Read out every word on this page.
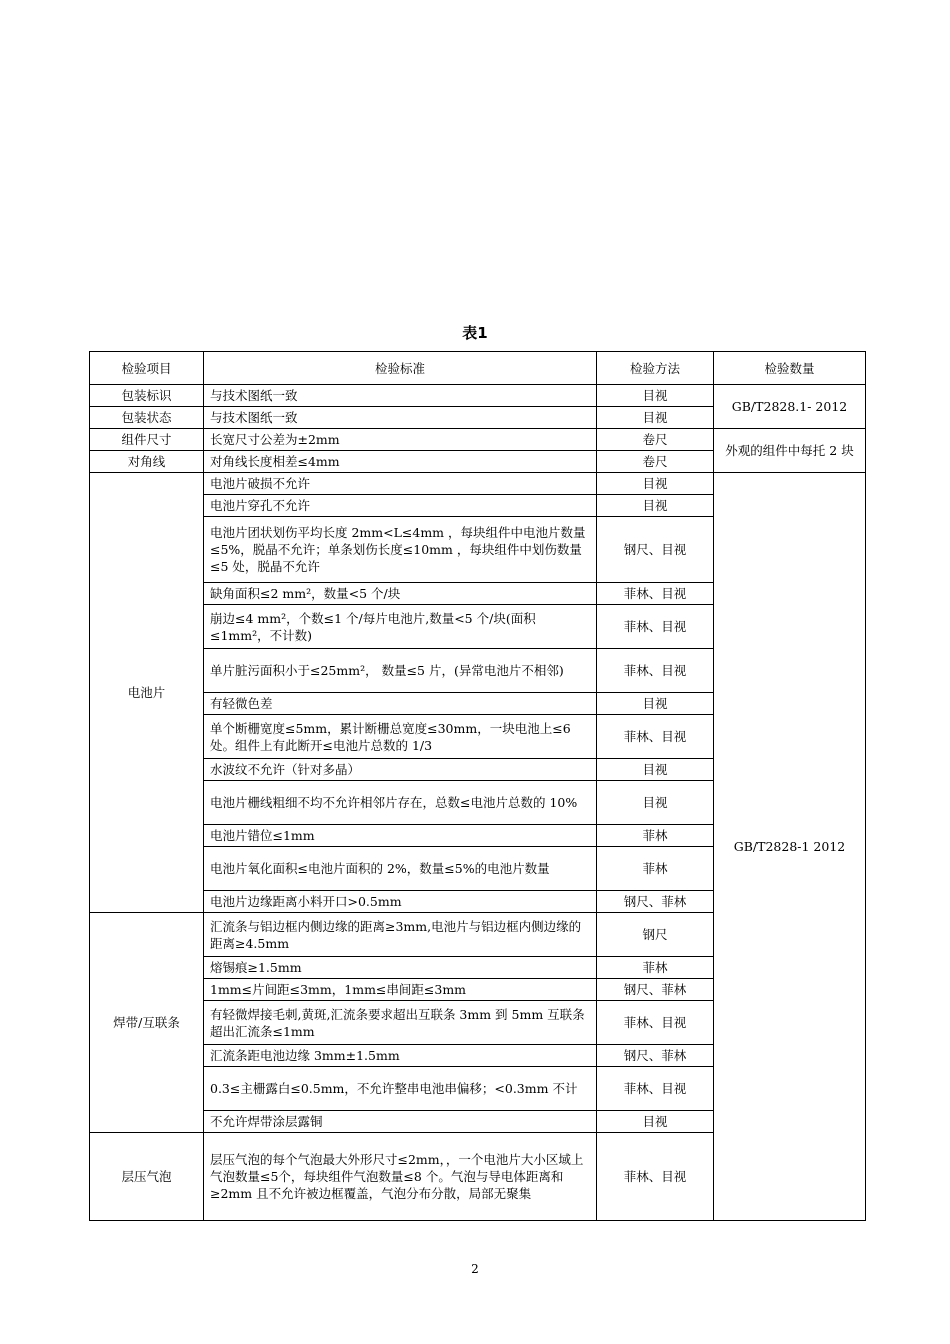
表1
检验项目	检验标准	检验方法	检验数量
包装标识	与技术图纸一致	目视	GB/T2828.1- 2012
包装状态	与技术图纸一致	目视	
组件尺寸	长宽尺寸公差为±2mm	卷尺	外观的组件中每托 2 块
对角线	对角线长度相差≤4mm	卷尺	
电池片	电池片破损不允许	目视	GB/T2828-1 2012
	电池片穿孔不允许	目视	
	电池片团状划伤平均长度 2mm<L≤4mm ，每块组件中电池片数量≤5%，脱晶不允许；单条划伤长度≤10mm ，每块组件中划伤数量≤5 处，脱晶不允许	钢尺、目视	
	缺角面积≤2 mm²，数量<5 个/块	菲林、目视	
	崩边≤4 mm²，个数≤1 个/每片电池片,数量<5 个/块(面积≤1mm²，不计数)	菲林、目视	
	单片脏污面积小于≤25mm²， 数量≤5 片，(异常电池片不相邻)	菲林、目视	
	有轻微色差	目视	
	单个断栅宽度≤5mm，累计断栅总宽度≤30mm，一块电池上≤6 处。组件上有此断开≤电池片总数的 1/3	菲林、目视	
	水波纹不允许（针对多晶）	目视	
	电池片栅线粗细不均不允许相邻片存在，总数≤电池片总数的 10%	目视	
	电池片错位≤1mm	菲林	
	电池片氧化面积≤电池片面积的 2%，数量≤5%的电池片数量	菲林	
	电池片边缘距离小料开口>0.5mm	钢尺、菲林	
焊带/互联条	汇流条与铝边框内侧边缘的距离≥3mm,电池片与铝边框内侧边缘的距离≥4.5mm	钢尺	
	熔锡痕≥1.5mm	菲林	
	1mm≤片间距≤3mm，1mm≤串间距≤3mm	钢尺、菲林	
	有轻微焊接毛刺,黄斑,汇流条要求超出互联条 3mm 到 5mm 互联条超出汇流条≤1mm	菲林、目视	
	汇流条距电池边缘 3mm±1.5mm	钢尺、菲林	
	0.3≤主栅露白≤0.5mm，不允许整串电池串偏移；<0.3mm 不计	菲林、目视	
	不允许焊带涂层露铜	目视	
层压气泡	层压气泡的每个气泡最大外形尺寸≤2mm，，一个电池片大小区域上气泡数量≤5个，每块组件气泡数量≤8 个。气泡与导电体距离和≥2mm 且不允许被边框覆盖，气泡分布分散，局部无聚集	菲林、目视	
2
